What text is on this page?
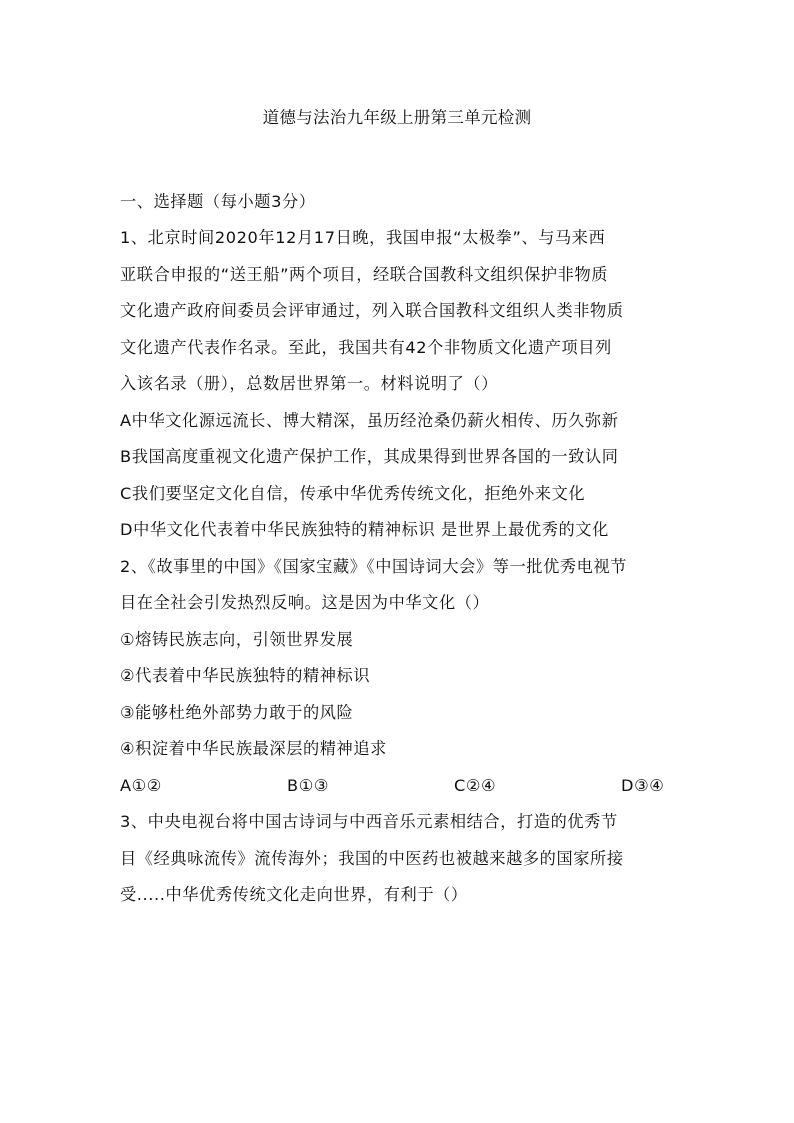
道德与法治九年级上册第三单元检测
一、选择题（每小题3分）
1、北京时间2020年12月17日晚，我国申报“太极拳”、与马来西
亚联合申报的“送王船”两个项目，经联合国教科文组织保护非物质
文化遗产政府间委员会评审通过，列入联合国教科文组织人类非物质
文化遗产代表作名录。至此，我国共有42个非物质文化遗产项目列
入该名录（册），总数居世界第一。材料说明了（）
A中华文化源远流长、博大精深，虽历经沧桑仍薪火相传、历久弥新
B我国高度重视文化遗产保护工作，其成果得到世界各国的一致认同
C我们要坚定文化自信，传承中华优秀传统文化，拒绝外来文化
D中华文化代表着中华民族独特的精神标识 是世界上最优秀的文化
2、《故事里的中国》《国家宝藏》《中国诗词大会》等一批优秀电视节
目在全社会引发热烈反响。这是因为中华文化（）
①熔铸民族志向，引领世界发展
②代表着中华民族独特的精神标识
③能够杜绝外部势力敢于的风险
④积淀着中华民族最深层的精神追求
A①②	B①③	C②④	D③④
3、中央电视台将中国古诗词与中西音乐元素相结合，打造的优秀节
目《经典咏流传》流传海外；我国的中医药也被越来越多的国家所接
受.....中华优秀传统文化走向世界，有利于（）
